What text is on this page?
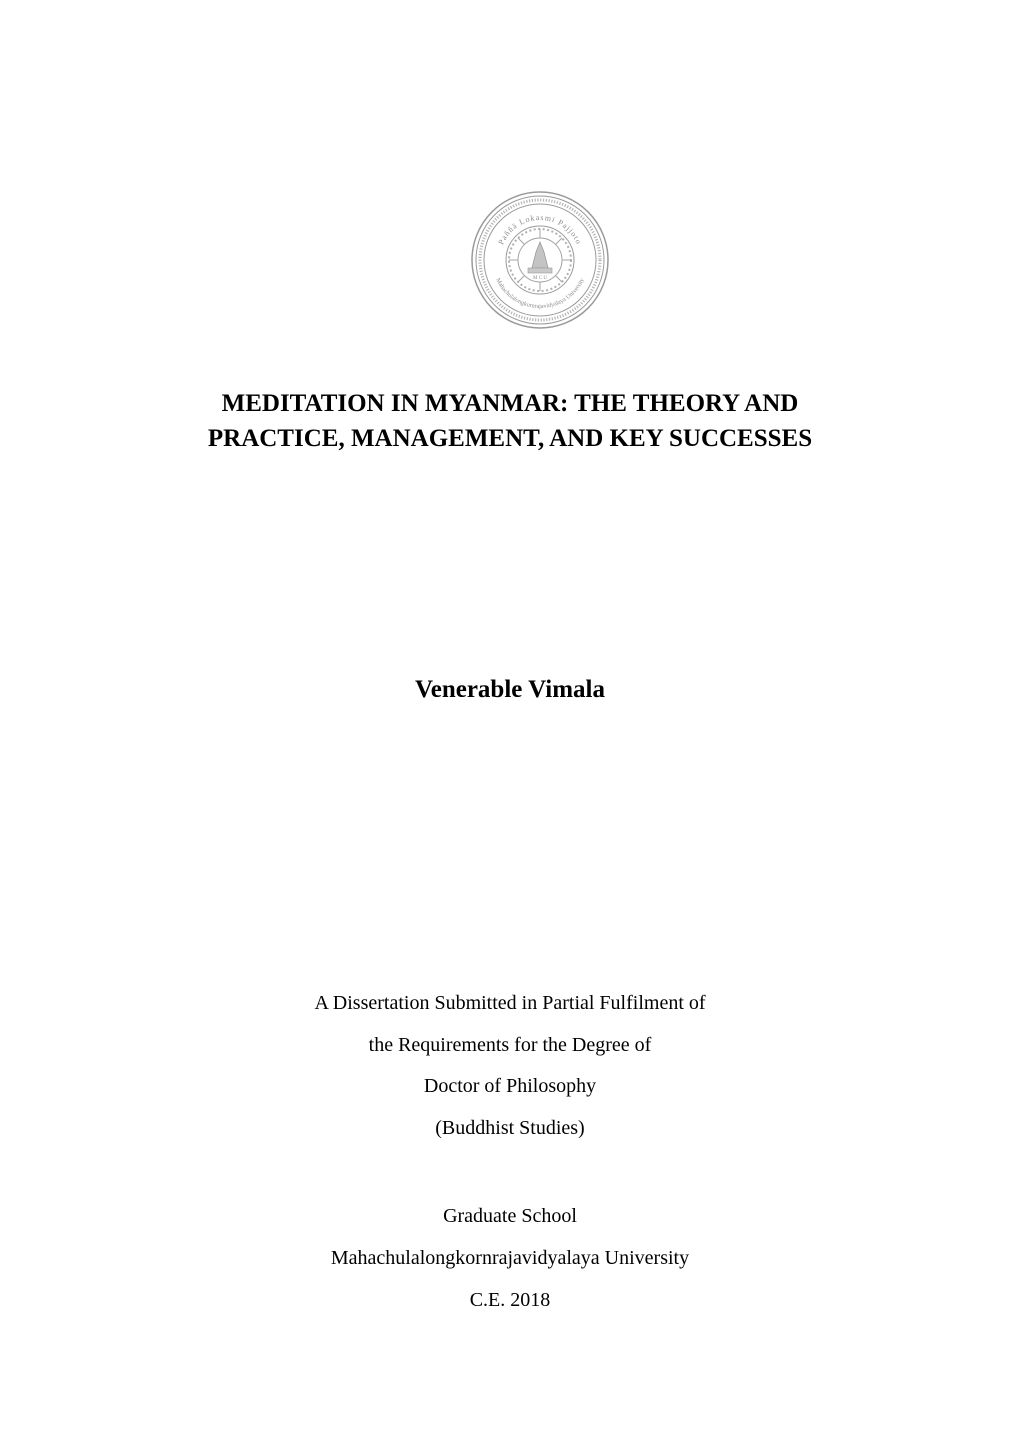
Paññā Lokasmi Pajjoto
Mahachulalongkornrajavidyalaya University
M C U

MEDITATION IN MYANMAR: THE THEORY AND

PRACTICE, MANAGEMENT, AND KEY SUCCESSES

Venerable Vimala

A Dissertation Submitted in Partial Fulfilment of

the Requirements for the Degree of

Doctor of Philosophy

(Buddhist Studies)

Graduate School

Mahachulalongkornrajavidyalaya University

C.E. 2018
